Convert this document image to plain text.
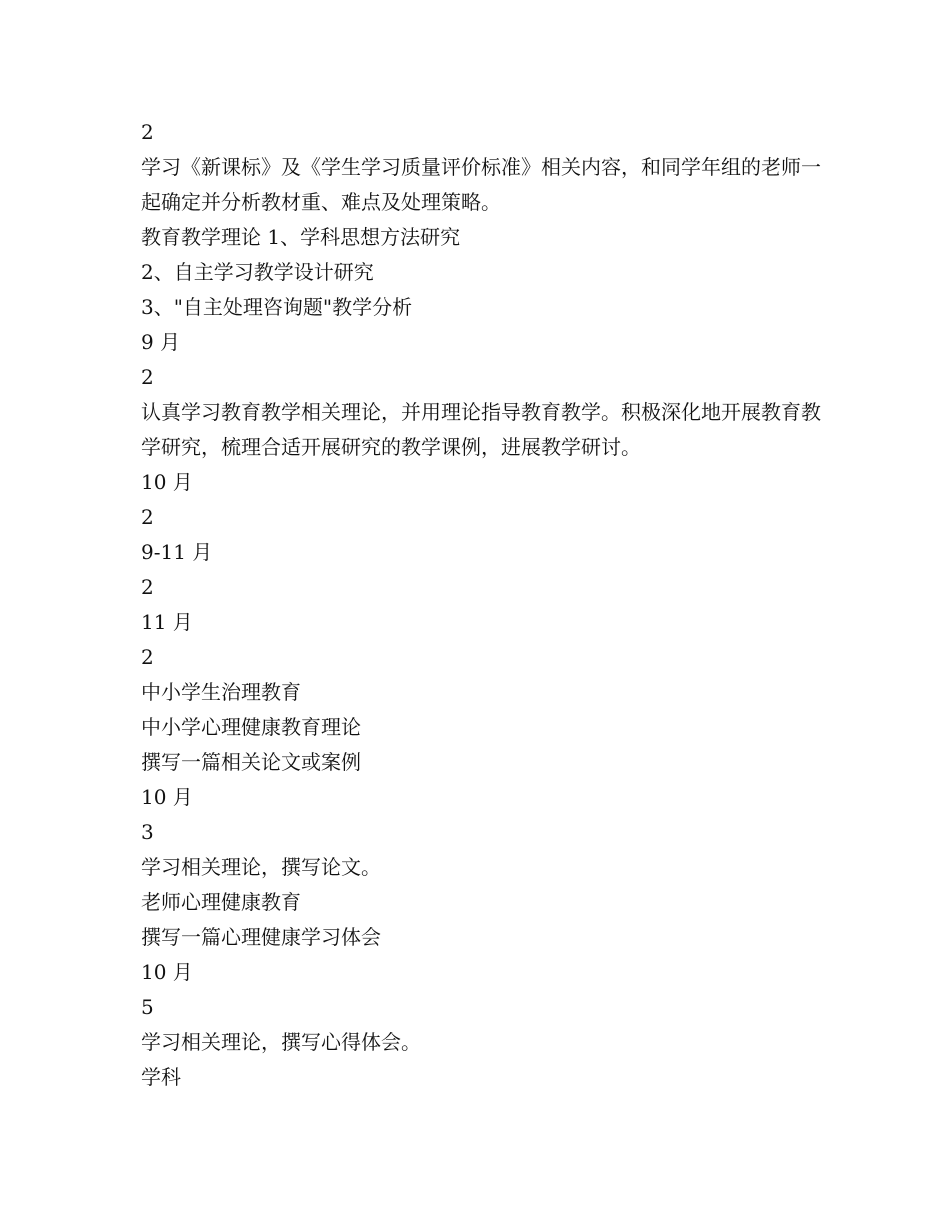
2

学习《新课标》及《学生学习质量评价标准》相关内容，和同学年组的老师一起确定并分析教材重、难点及处理策略。

教育教学理论 1、学科思想方法研究

2、自主学习教学设计研究

3、"自主处理咨询题"教学分析

9 月

2

认真学习教育教学相关理论，并用理论指导教育教学。积极深化地开展教育教学研究，梳理合适开展研究的教学课例，进展教学研讨。

10 月

2

9-11 月

2

11 月

2

中小学生治理教育

中小学心理健康教育理论

撰写一篇相关论文或案例

10 月

3

学习相关理论，撰写论文。

老师心理健康教育

撰写一篇心理健康学习体会

10 月

5

学习相关理论，撰写心得体会。

学科
